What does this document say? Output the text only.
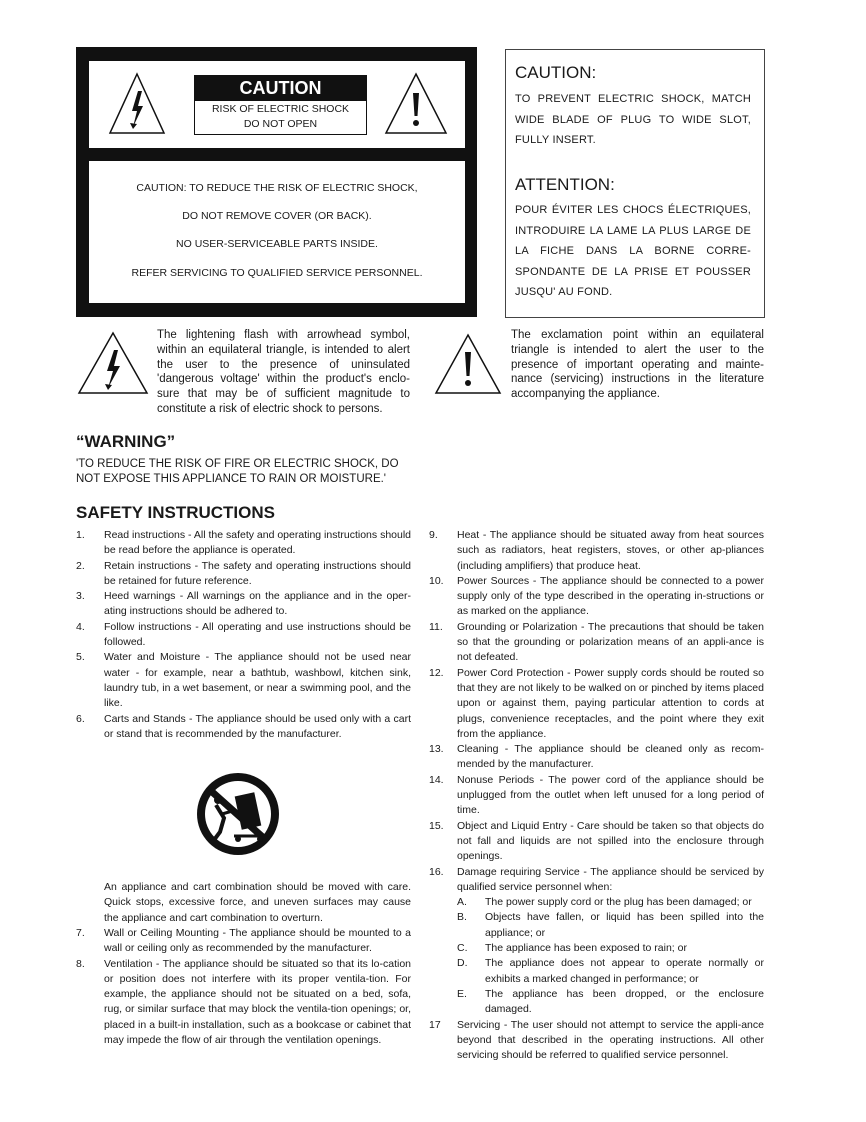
CAUTION
RISK OF ELECTRIC SHOCK
DO NOT OPEN
CAUTION: TO REDUCE THE RISK OF ELECTRIC SHOCK,
DO NOT REMOVE COVER (OR BACK).
NO USER-SERVICEABLE PARTS INSIDE.
REFER SERVICING TO QUALIFIED SERVICE PERSONNEL.
CAUTION:
TO PREVENT ELECTRIC SHOCK, MATCH WIDE BLADE OF PLUG TO WIDE SLOT, FULLY INSERT.
ATTENTION:
POUR ÉVITER LES CHOCS ÉLECTRIQUES, INTRODUIRE LA LAME LA PLUS LARGE DE LA FICHE DANS LA BORNE CORRE-SPONDANTE DE LA PRISE ET POUSSER JUSQU' AU FOND.
The lightening flash with arrowhead symbol, within an equilateral triangle, is intended to alert the user to the presence of uninsulated 'dangerous voltage' within the product's enclo-sure that may be of sufficient magnitude to constitute a risk of electric shock to persons.
The exclamation point within an equilateral triangle is intended to alert the user to the presence of important operating and mainte-nance (servicing) instructions in the literature accompanying the appliance.
“WARNING”
'TO REDUCE THE RISK OF FIRE OR ELECTRIC SHOCK, DO NOT EXPOSE THIS APPLIANCE TO RAIN OR MOISTURE.'
SAFETY INSTRUCTIONS
1. Read instructions - All the safety and operating instructions should be read before the appliance is operated.
2. Retain instructions - The safety and operating instructions should be retained for future reference.
3. Heed warnings - All warnings on the appliance and in the oper-ating instructions should be adhered to.
4. Follow instructions - All operating and use instructions should be followed.
5. Water and Moisture - The appliance should not be used near water - for example, near a bathtub, washbowl, kitchen sink, laundry tub, in a wet basement, or near a swimming pool, and the like.
6. Carts and Stands - The appliance should be used only with a cart or stand that is recommended by the manufacturer.
An appliance and cart combination should be moved with care. Quick stops, excessive force, and uneven surfaces may cause the appliance and cart combination to overturn.
7. Wall or Ceiling Mounting - The appliance should be mounted to a wall or ceiling only as recommended by the manufacturer.
8. Ventilation - The appliance should be situated so that its lo-cation or position does not interfere with its proper ventila-tion. For example, the appliance should not be situated on a bed, sofa, rug, or similar surface that may block the ventila-tion openings; or, placed in a built-in installation, such as a bookcase or cabinet that may impede the flow of air through the ventilation openings.
9. Heat - The appliance should be situated away from heat sources such as radiators, heat registers, stoves, or other ap-pliances (including amplifiers) that produce heat.
10. Power Sources - The appliance should be connected to a power supply only of the type described in the operating in-structions or as marked on the appliance.
11. Grounding or Polarization - The precautions that should be taken so that the grounding or polarization means of an appli-ance is not defeated.
12. Power Cord Protection - Power supply cords should be routed so that they are not likely to be walked on or pinched by items placed upon or against them, paying particular attention to cords at plugs, convenience receptacles, and the point where they exit from the appliance.
13. Cleaning - The appliance should be cleaned only as recom-mended by the manufacturer.
14. Nonuse Periods - The power cord of the appliance should be unplugged from the outlet when left unused for a long period of time.
15. Object and Liquid Entry - Care should be taken so that objects do not fall and liquids are not spilled into the enclosure through openings.
16. Damage requiring Service - The appliance should be serviced by qualified service personnel when:
A. The power supply cord or the plug has been damaged; or
B. Objects have fallen, or liquid has been spilled into the appliance; or
C. The appliance has been exposed to rain; or
D. The appliance does not appear to operate normally or exhibits a marked changed in performance; or
E. The appliance has been dropped, or the enclosure damaged.
17 Servicing - The user should not attempt to service the appli-ance beyond that described in the operating instructions. All other servicing should be referred to qualified service personnel.
